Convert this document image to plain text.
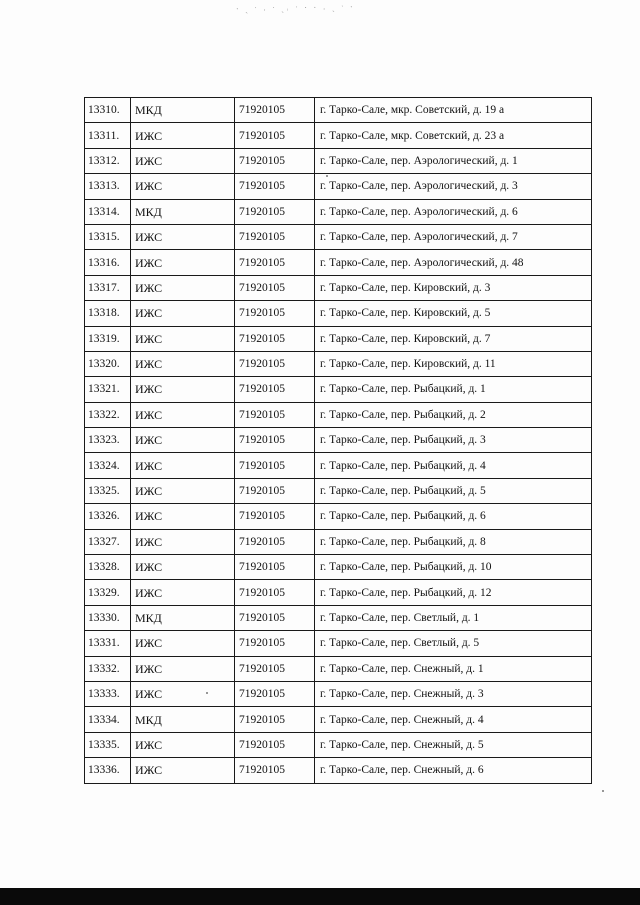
· ˏ ˑ ˒ ˑ ˏ˒ ˑ · · ˒ ˏ ˑ ·
13310.	МКД	71920105	г. Тарко-Сале, мкр. Советский, д. 19 а
13311.	ИЖС	71920105	г. Тарко-Сале, мкр. Советский, д. 23 а
13312.	ИЖС	71920105	г. Тарко-Сале, пер. Аэрологический, д. 1
13313.	ИЖС	71920105	г. Тарко-Сале, пер. Аэрологический, д. 3
13314.	МКД	71920105	г. Тарко-Сале, пер. Аэрологический, д. 6
13315.	ИЖС	71920105	г. Тарко-Сале, пер. Аэрологический, д. 7
13316.	ИЖС	71920105	г. Тарко-Сале, пер. Аэрологический, д. 48
13317.	ИЖС	71920105	г. Тарко-Сале, пер. Кировский, д. 3
13318.	ИЖС	71920105	г. Тарко-Сале, пер. Кировский, д. 5
13319.	ИЖС	71920105	г. Тарко-Сале, пер. Кировский, д. 7
13320.	ИЖС	71920105	г. Тарко-Сале, пер. Кировский, д. 11
13321.	ИЖС	71920105	г. Тарко-Сале, пер. Рыбацкий, д. 1
13322.	ИЖС	71920105	г. Тарко-Сале, пер. Рыбацкий, д. 2
13323.	ИЖС	71920105	г. Тарко-Сале, пер. Рыбацкий, д. 3
13324.	ИЖС	71920105	г. Тарко-Сале, пер. Рыбацкий, д. 4
13325.	ИЖС	71920105	г. Тарко-Сале, пер. Рыбацкий, д. 5
13326.	ИЖС	71920105	г. Тарко-Сале, пер. Рыбацкий, д. 6
13327.	ИЖС	71920105	г. Тарко-Сале, пер. Рыбацкий, д. 8
13328.	ИЖС	71920105	г. Тарко-Сале, пер. Рыбацкий, д. 10
13329.	ИЖС	71920105	г. Тарко-Сале, пер. Рыбацкий, д. 12
13330.	МКД	71920105	г. Тарко-Сале, пер. Светлый, д. 1
13331.	ИЖС	71920105	г. Тарко-Сале, пер. Светлый, д. 5
13332.	ИЖС	71920105	г. Тарко-Сале, пер. Снежный, д. 1
13333.	ИЖС	71920105	г. Тарко-Сале, пер. Снежный, д. 3
13334.	МКД	71920105	г. Тарко-Сале, пер. Снежный, д. 4
13335.	ИЖС	71920105	г. Тарко-Сале, пер. Снежный, д. 5
13336.	ИЖС	71920105	г. Тарко-Сале, пер. Снежный, д. 6
